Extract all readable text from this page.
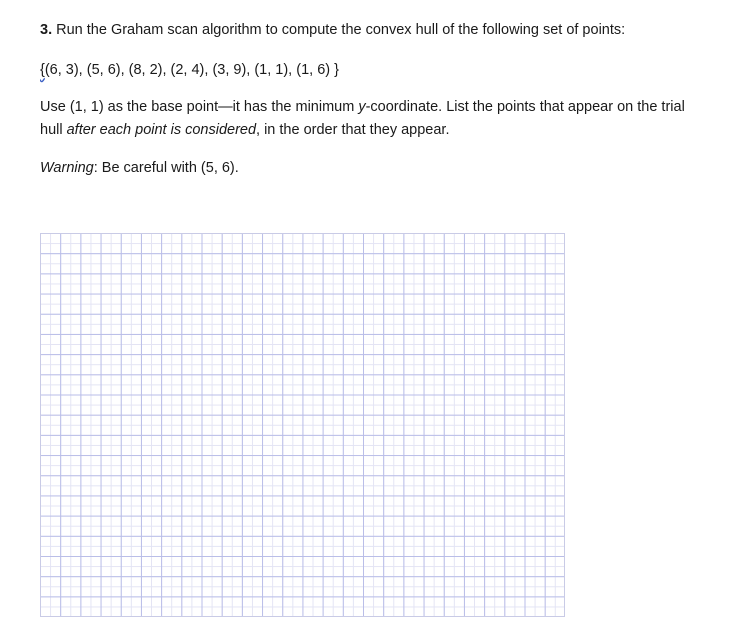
3. Run the Graham scan algorithm to compute the convex hull of the following set of points:
{(6, 3), (5, 6), (8, 2), (2, 4), (3, 9), (1, 1), (1, 6) }
Use (1, 1) as the base point—it has the minimum y-coordinate. List the points that appear on the trial
hull after each point is considered, in the order that they appear.
Warning: Be careful with (5, 6).
